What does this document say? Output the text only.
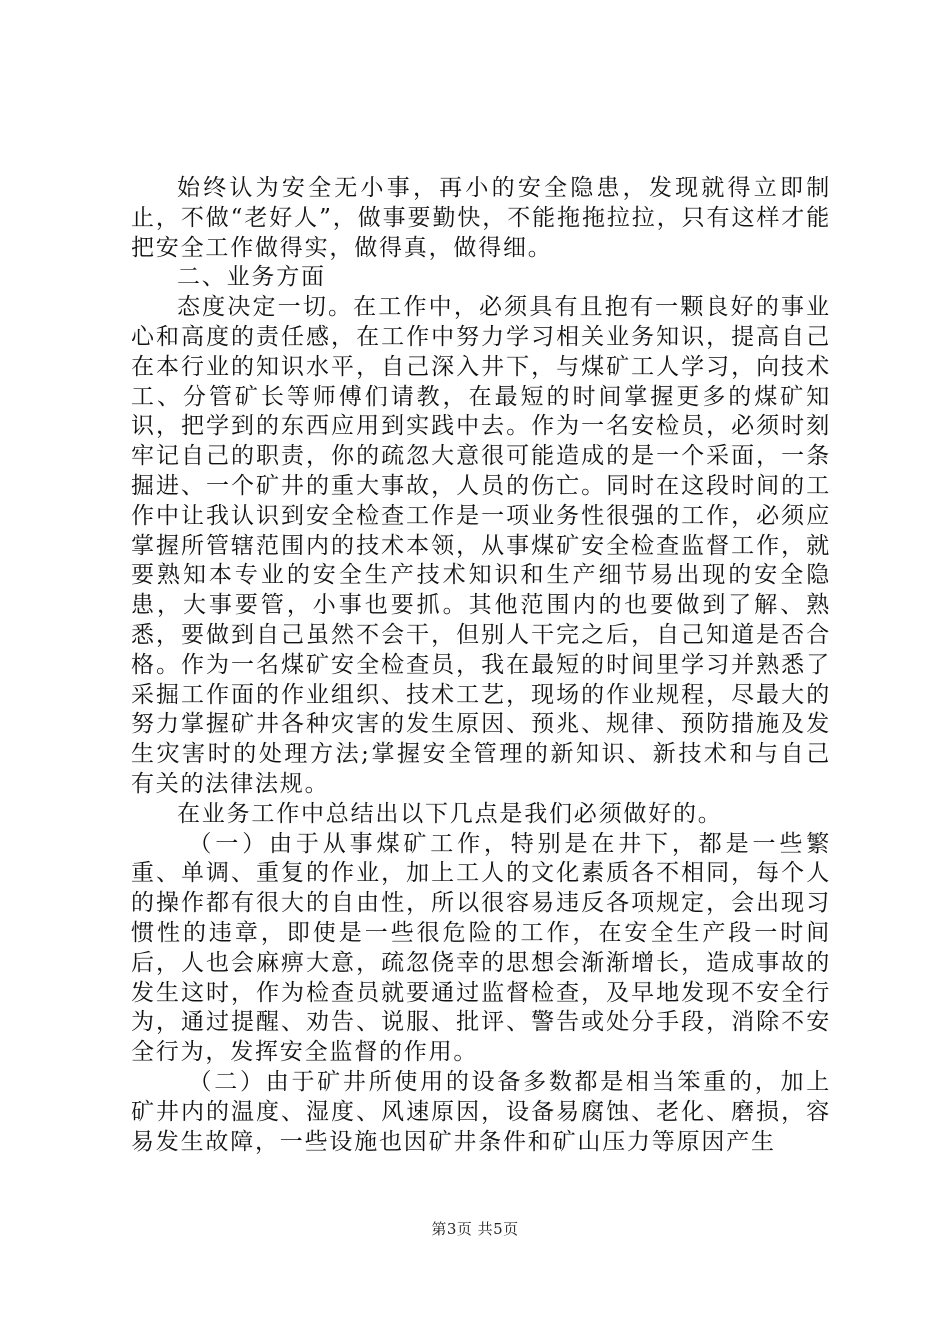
始终认为安全无小事，再小的安全隐患，发现就得立即制止，不做“老好人”，做事要勤快，不能拖拖拉拉，只有这样才能把安全工作做得实，做得真，做得细。

二、业务方面

态度决定一切。在工作中，必须具有且抱有一颗良好的事业心和高度的责任感，在工作中努力学习相关业务知识，提高自己在本行业的知识水平，自己深入井下，与煤矿工人学习，向技术工、分管矿长等师傅们请教，在最短的时间掌握更多的煤矿知识，把学到的东西应用到实践中去。作为一名安检员，必须时刻牢记自己的职责，你的疏忽大意很可能造成的是一个采面，一条掘进、一个矿井的重大事故，人员的伤亡。同时在这段时间的工作中让我认识到安全检查工作是一项业务性很强的工作，必须应掌握所管辖范围内的技术本领，从事煤矿安全检查监督工作，就要熟知本专业的安全生产技术知识和生产细节易出现的安全隐患，大事要管，小事也要抓。其他范围内的也要做到了解、熟悉，要做到自己虽然不会干，但别人干完之后，自己知道是否合格。作为一名煤矿安全检查员，我在最短的时间里学习并熟悉了采掘工作面的作业组织、技术工艺，现场的作业规程，尽最大的努力掌握矿井各种灾害的发生原因、预兆、规律、预防措施及发生灾害时的处理方法;掌握安全管理的新知识、新技术和与自己有关的法律法规。

在业务工作中总结出以下几点是我们必须做好的。

（一）由于从事煤矿工作，特别是在井下，都是一些繁重、单调、重复的作业，加上工人的文化素质各不相同，每个人的操作都有很大的自由性，所以很容易违反各项规定，会出现习惯性的违章，即使是一些很危险的工作，在安全生产段一时间后，人也会麻痹大意，疏忽侥幸的思想会渐渐增长，造成事故的发生这时，作为检查员就要通过监督检查，及早地发现不安全行为，通过提醒、劝告、说服、批评、警告或处分手段，消除不安全行为，发挥安全监督的作用。

（二）由于矿井所使用的设备多数都是相当笨重的，加上矿井内的温度、湿度、风速原因，设备易腐蚀、老化、磨损，容易发生故障，一些设施也因矿井条件和矿山压力等原因产生

第3页 共5页
